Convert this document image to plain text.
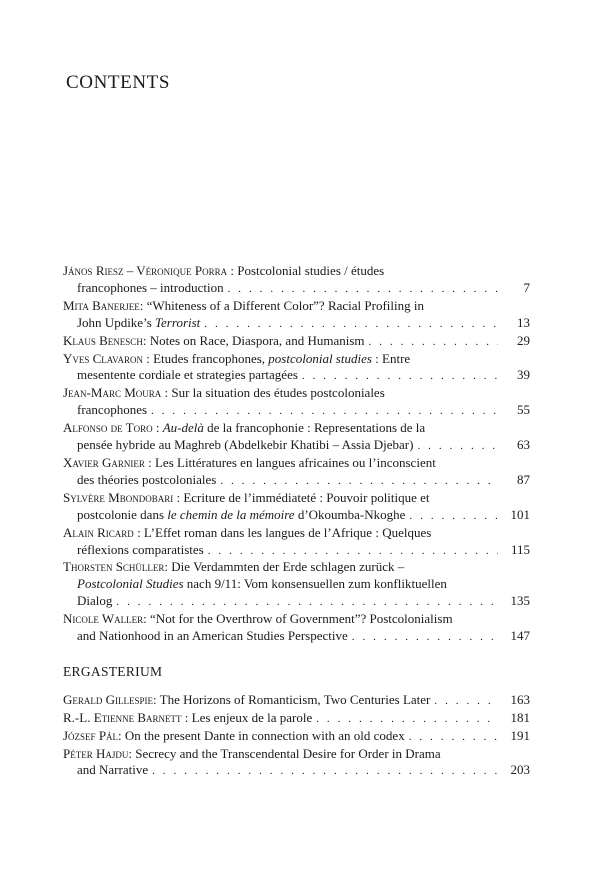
CONTENTS
János Riesz – Véronique Porra : Postcolonial studies / études
francophones – introduction . . .	7
Mita Banerjee: “Whiteness of a Different Color”? Racial Profiling in
John Updike’s Terrorist . . .	13
Klaus Benesch: Notes on Race, Diaspora, and Humanism . . .	29
Yves Clavaron : Etudes francophones, postcolonial studies : Entre
mesentente cordiale et strategies partagées . . .	39
Jean-Marc Moura : Sur la situation des études postcoloniales
francophones . . .	55
Alfonso de Toro : Au-delà de la francophonie : Representations de la
pensée hybride au Maghreb (Abdelkebir Khatibi – Assia Djebar) . . .	63
Xavier Garnier : Les Littératures en langues africaines ou l’inconscient
des théories postcoloniales . . .	87
Sylvère Mbondobari : Ecriture de l’immédiateté : Pouvoir politique et
postcolonie dans le chemin de la mémoire d’Okoumba-Nkoghe . . .	101
Alain Ricard : L’Effet roman dans les langues de l’Afrique : Quelques
réflexions comparatistes . . .	115
Thorsten Schüller: Die Verdammten der Erde schlagen zurück –
Postcolonial Studies nach 9/11: Vom konsensuellen zum konfliktuellen
Dialog . . .	135
Nicole Waller: “Not for the Overthrow of Government”? Postcolonialism
and Nationhood in an American Studies Perspective . . .	147
ERGASTERIUM
Gerald Gillespie: The Horizons of Romanticism, Two Centuries Later . . .	163
R.-L. Etienne Barnett : Les enjeux de la parole . . .	181
József Pál: On the present Dante in connection with an old codex . . .	191
Péter Hajdu: Secrecy and the Transcendental Desire for Order in Drama
and Narrative . . .	203
